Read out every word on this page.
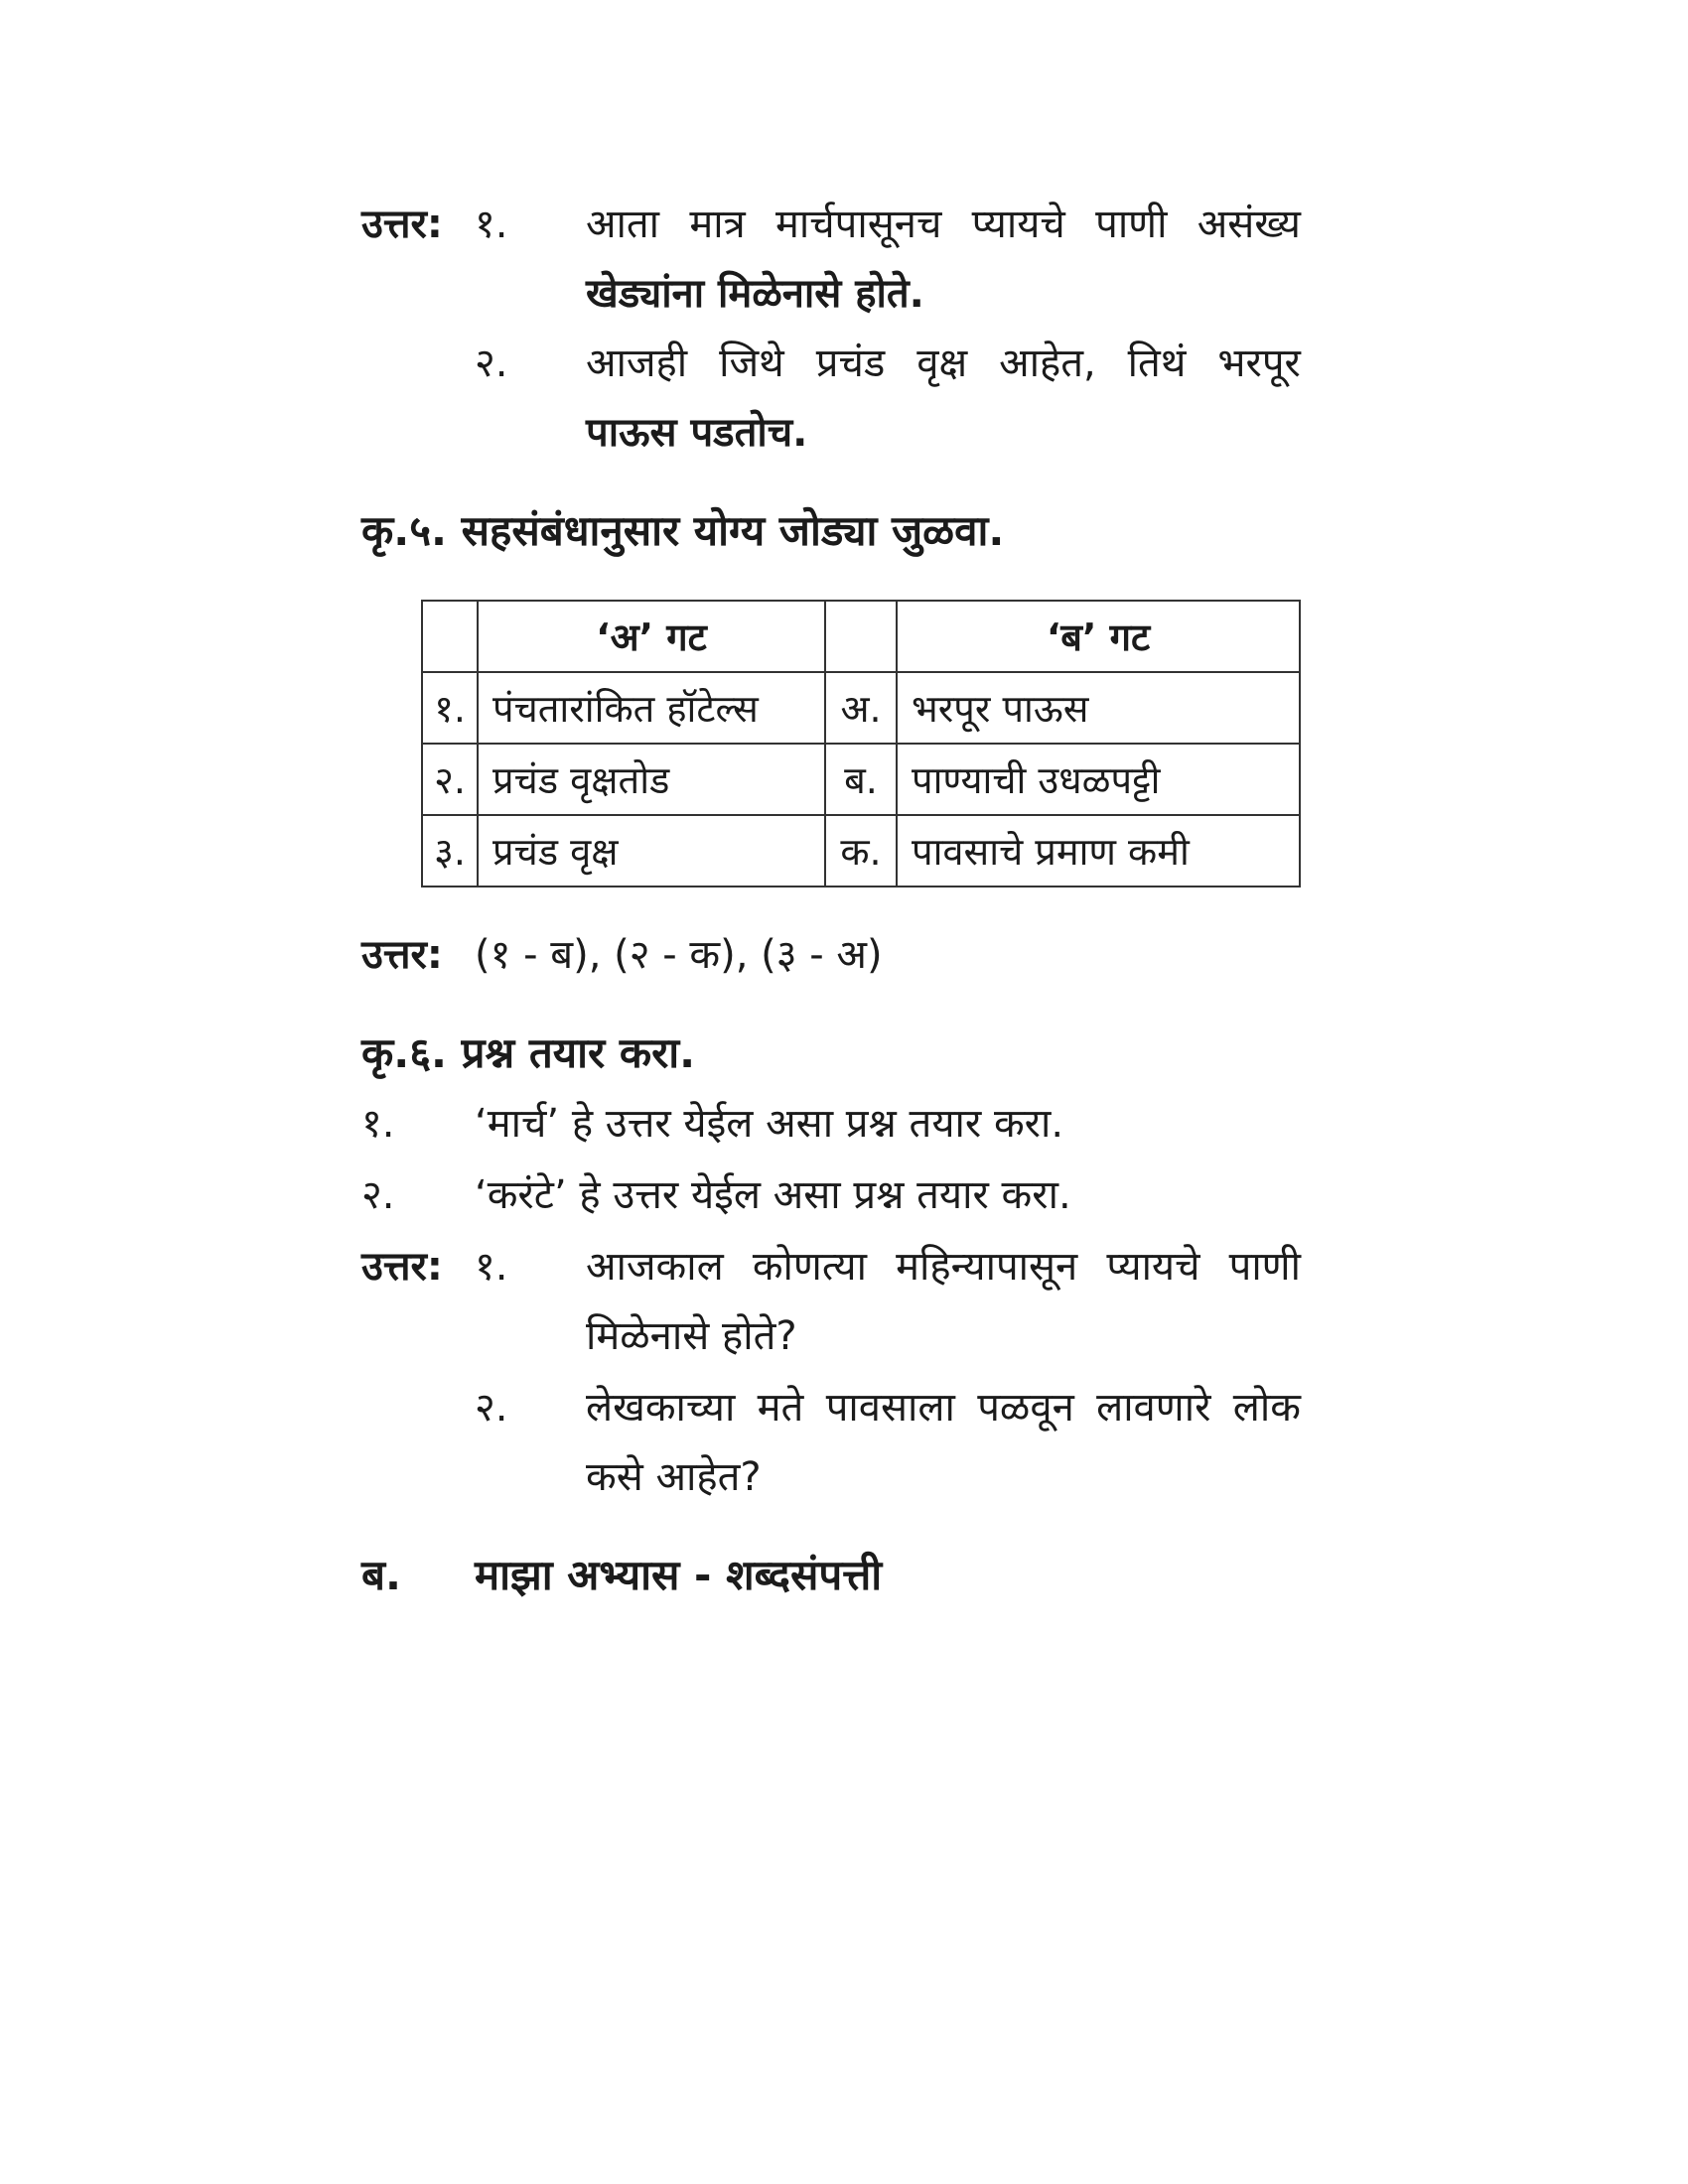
उत्तर: १. आता मात्र मार्चपासूनच प्यायचे पाणी असंख्य
खेड्यांना मिळेनासे होते.
२. आजही जिथे प्रचंड वृक्ष आहेत, तिथं भरपूर
पाऊस पडतोच.
कृ.५. सहसंबंधानुसार योग्य जोड्या जुळवा.
	‘अ’ गट		‘ब’ गट
१.	पंचतारांकित हॉटेल्स	अ.	भरपूर पाऊस
२.	प्रचंड वृक्षतोड	ब.	पाण्याची उधळपट्टी
३.	प्रचंड वृक्ष	क.	पावसाचे प्रमाण कमी
उत्तर: (१ - ब), (२ - क), (३ - अ)
कृ.६. प्रश्न तयार करा.
१. ‘मार्च’ हे उत्तर येईल असा प्रश्न तयार करा.
२. ‘करंटे’ हे उत्तर येईल असा प्रश्न तयार करा.
उत्तर: १. आजकाल कोणत्या महिन्यापासून प्यायचे पाणी
मिळेनासे होते?
२. लेखकाच्या मते पावसाला पळवून लावणारे लोक
कसे आहेत?
ब. माझा अभ्यास - शब्दसंपत्ती
